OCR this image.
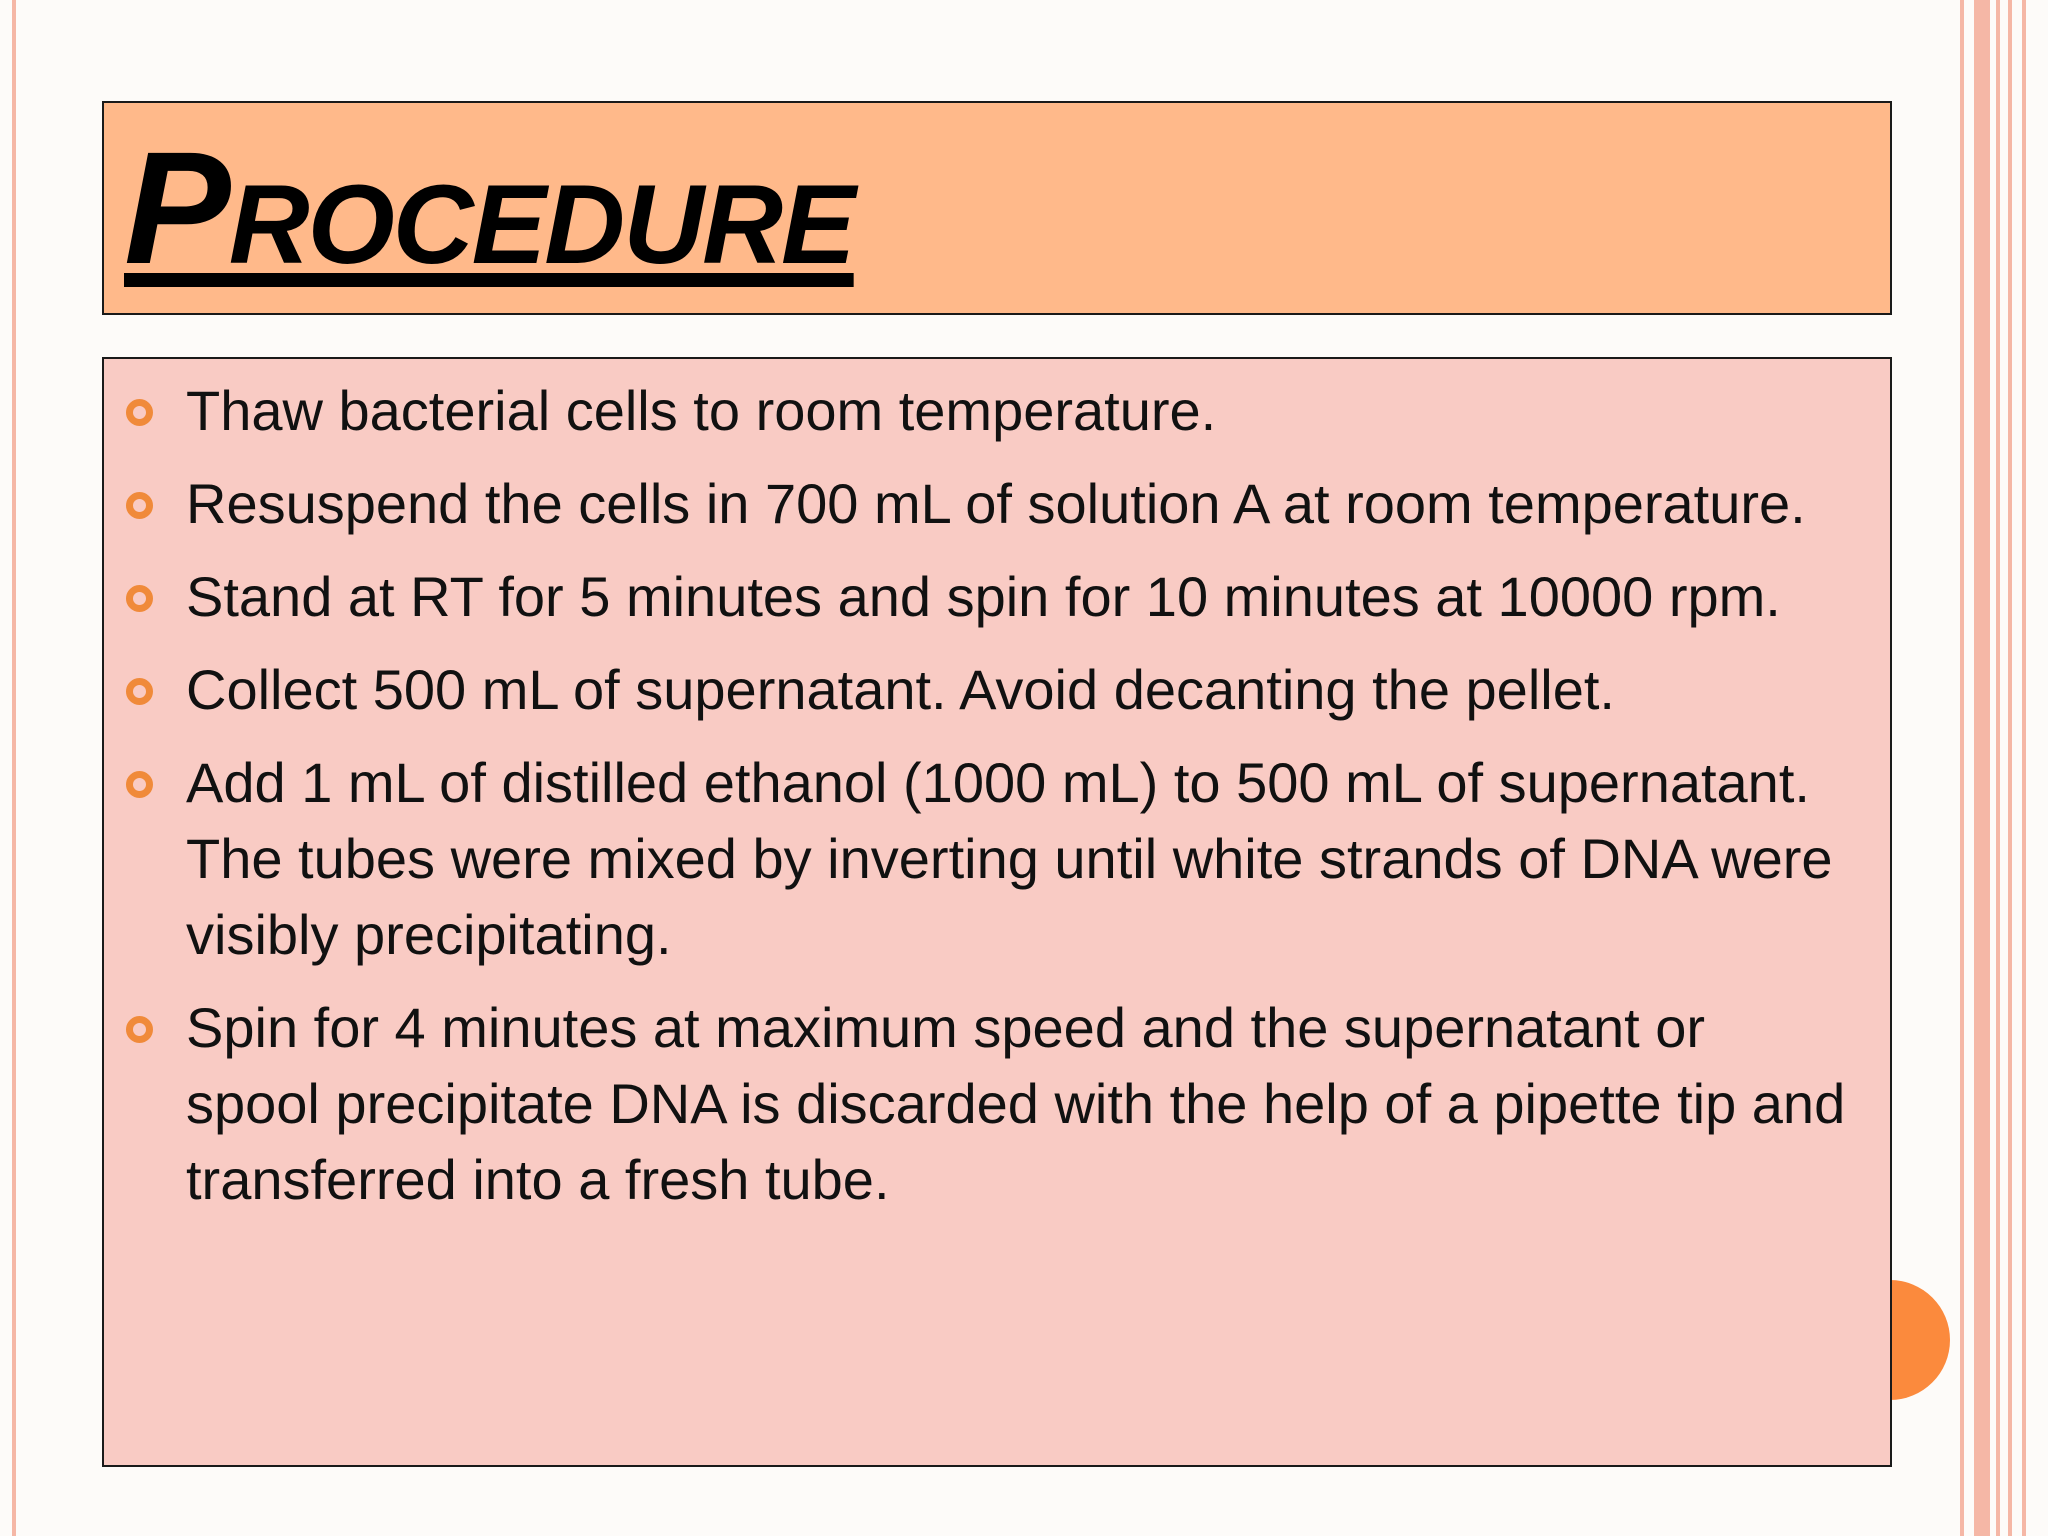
Procedure
Thaw bacterial cells to room temperature.
Resuspend the cells in 700 mL of solution A at room temperature.
Stand at RT for 5 minutes and spin for 10 minutes at 10000 rpm.
Collect 500 mL of supernatant. Avoid decanting the pellet.
Add 1 mL of distilled ethanol (1000 mL) to 500 mL of supernatant. The tubes were mixed by inverting until white strands of DNA were visibly precipitating.
Spin for 4 minutes at maximum speed and the supernatant or spool precipitate DNA is discarded with the help of a pipette tip and transferred into a fresh tube.
